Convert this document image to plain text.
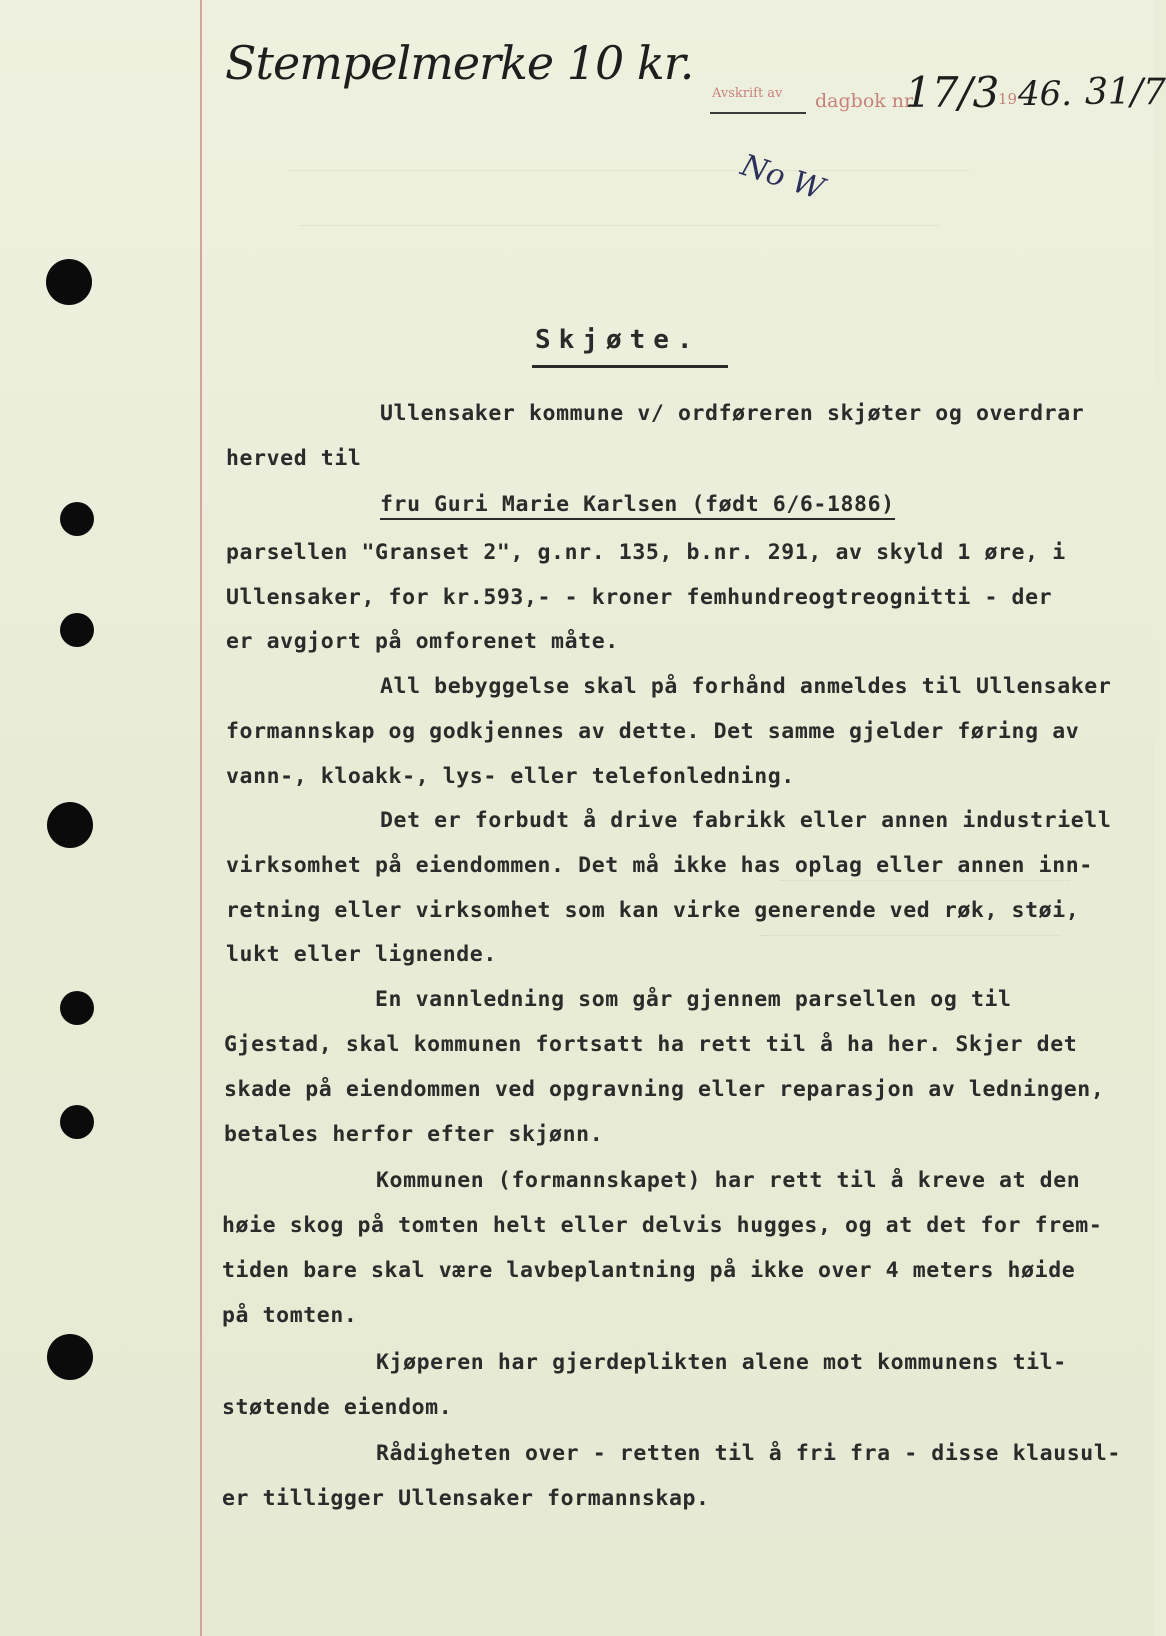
Stempelmerke 10 kr.
Avskrift av dagbok nr.
17/3
19 46. 31/7
No W
Skjøte.
Ullensaker kommune v/ ordføreren skjøter og overdrar
herved til
fru Guri Marie Karlsen (født 6/6-1886)
parsellen "Granset 2", g.nr. 135, b.nr. 291, av skyld 1 øre, i
Ullensaker, for kr.593,- - kroner femhundreogtreognitti - der
er avgjort på omforenet måte.
All bebyggelse skal på forhånd anmeldes til Ullensaker
formannskap og godkjennes av dette. Det samme gjelder føring av
vann-, kloakk-, lys- eller telefonledning.
Det er forbudt å drive fabrikk eller annen industriell
virksomhet på eiendommen. Det må ikke has oplag eller annen inn-
retning eller virksomhet som kan virke generende ved røk, støi,
lukt eller lignende.
En vannledning som går gjennem parsellen og til
Gjestad, skal kommunen fortsatt ha rett til å ha her. Skjer det
skade på eiendommen ved opgravning eller reparasjon av ledningen,
betales herfor efter skjønn.
Kommunen (formannskapet) har rett til å kreve at den
høie skog på tomten helt eller delvis hugges, og at det for frem-
tiden bare skal være lavbeplantning på ikke over 4 meters høide
på tomten.
Kjøperen har gjerdeplikten alene mot kommunens til-
støtende eiendom.
Rådigheten over - retten til å fri fra - disse klausul-
er tilligger Ullensaker formannskap.
